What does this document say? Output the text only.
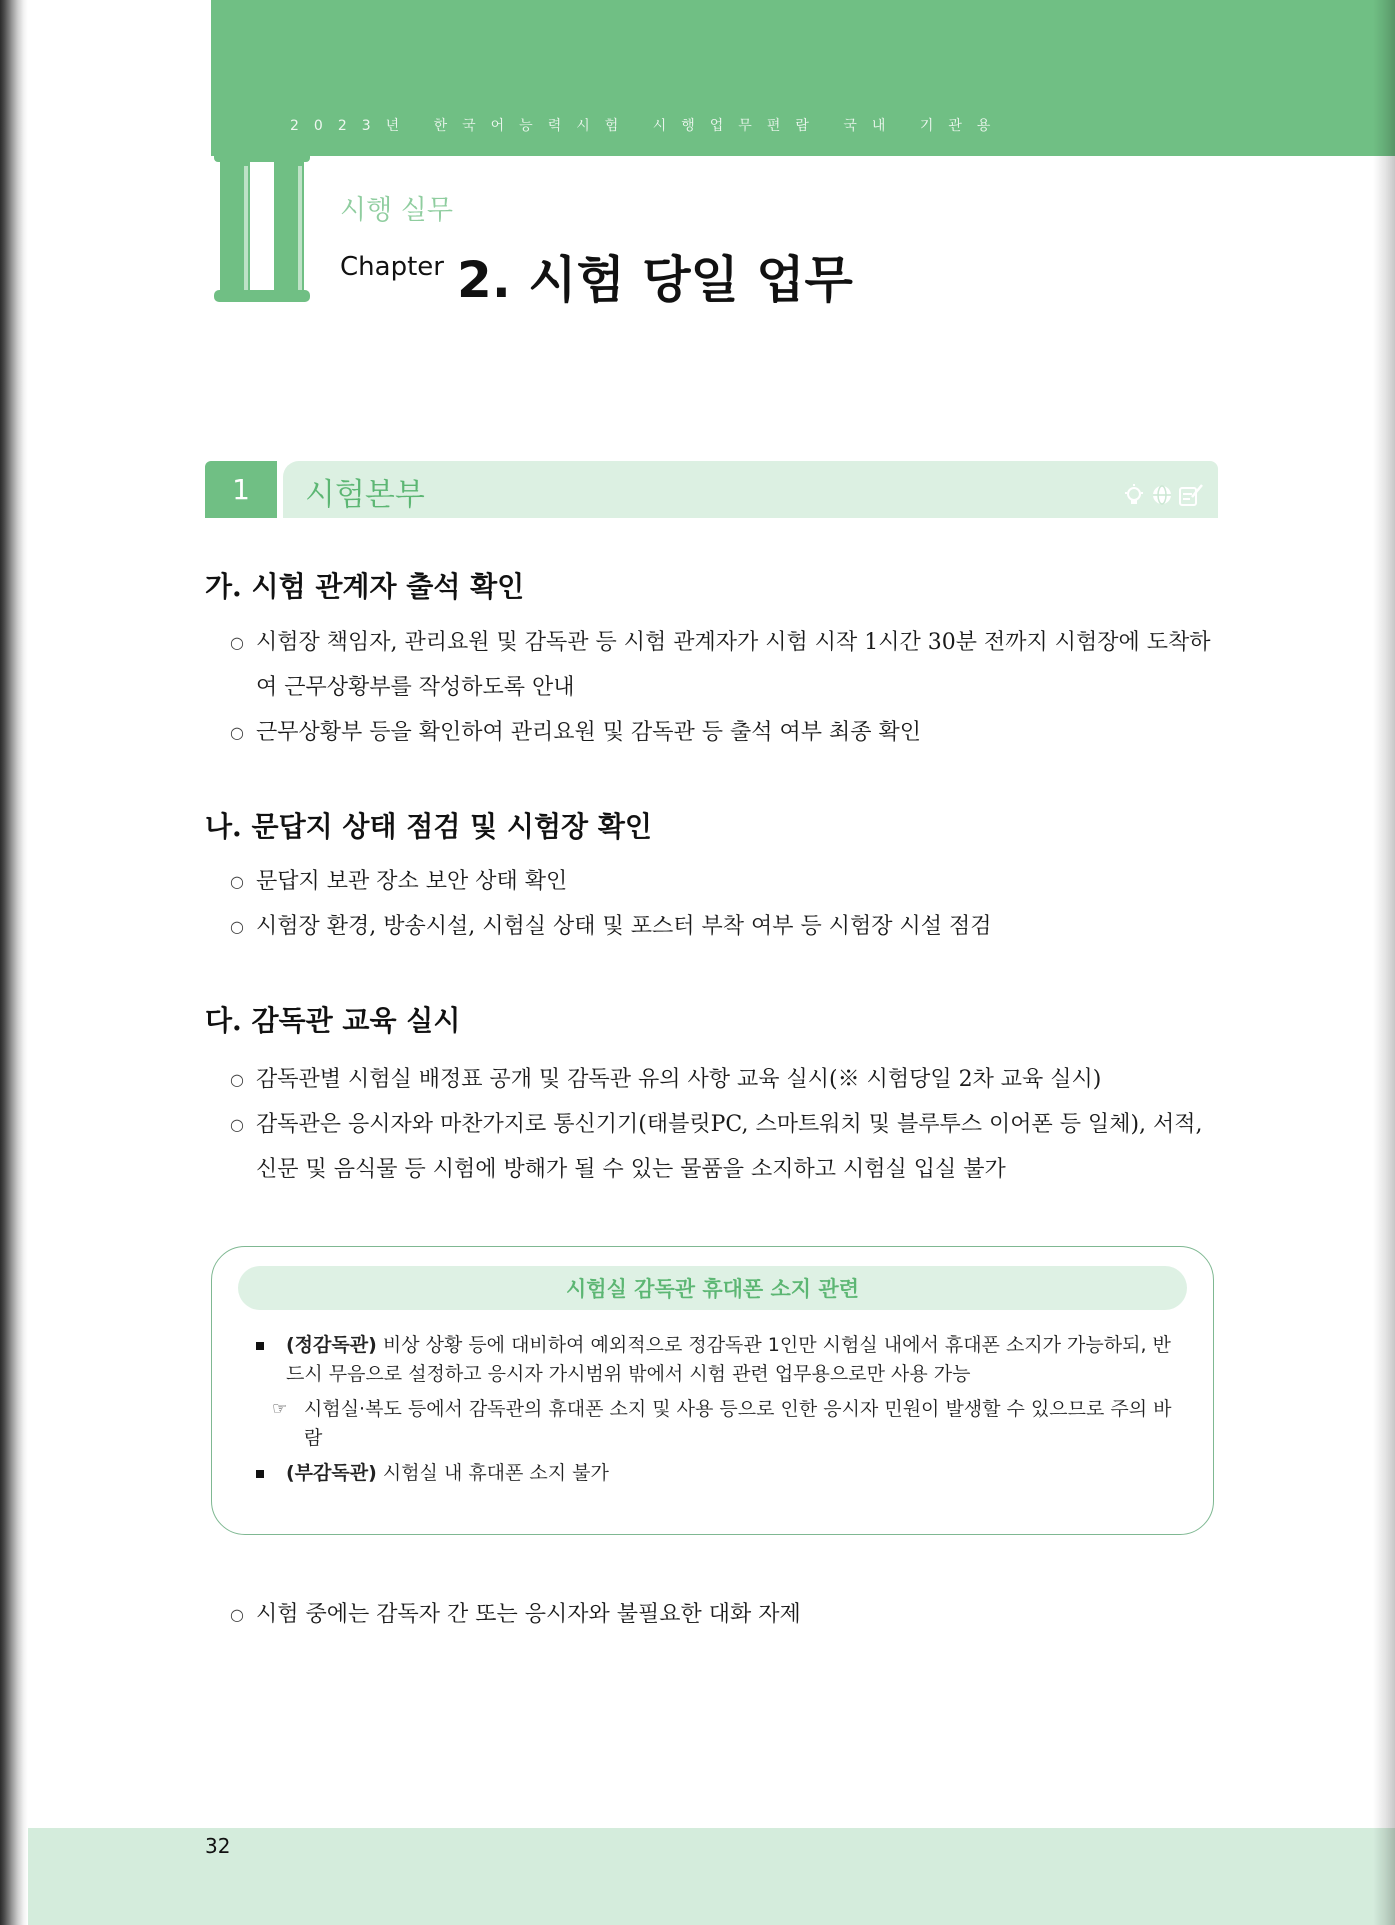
2023년 한국어능력시험 시행업무편람 국내 기관용
시행 실무
Chapter 2. 시험 당일 업무
1	시험본부
가. 시험 관계자 출석 확인
○ 시험장 책임자, 관리요원 및 감독관 등 시험 관계자가 시험 시작 1시간 30분 전까지 시험장에 도착하여 근무상황부를 작성하도록 안내
○ 근무상황부 등을 확인하여 관리요원 및 감독관 등 출석 여부 최종 확인
나. 문답지 상태 점검 및 시험장 확인
○ 문답지 보관 장소 보안 상태 확인
○ 시험장 환경, 방송시설, 시험실 상태 및 포스터 부착 여부 등 시험장 시설 점검
다. 감독관 교육 실시
○ 감독관별 시험실 배정표 공개 및 감독관 유의 사항 교육 실시(※ 시험당일 2차 교육 실시)
○ 감독관은 응시자와 마찬가지로 통신기기(태블릿PC, 스마트워치 및 블루투스 이어폰 등 일체), 서적, 신문 및 음식물 등 시험에 방해가 될 수 있는 물품을 소지하고 시험실 입실 불가
시험실 감독관 휴대폰 소지 관련
(정감독관) 비상 상황 등에 대비하여 예외적으로 정감독관 1인만 시험실 내에서 휴대폰 소지가 가능하되, 반드시 무음으로 설정하고 응시자 가시범위 밖에서 시험 관련 업무용으로만 사용 가능
☞ 시험실·복도 등에서 감독관의 휴대폰 소지 및 사용 등으로 인한 응시자 민원이 발생할 수 있으므로 주의 바람
(부감독관) 시험실 내 휴대폰 소지 불가
○ 시험 중에는 감독자 간 또는 응시자와 불필요한 대화 자제
32
